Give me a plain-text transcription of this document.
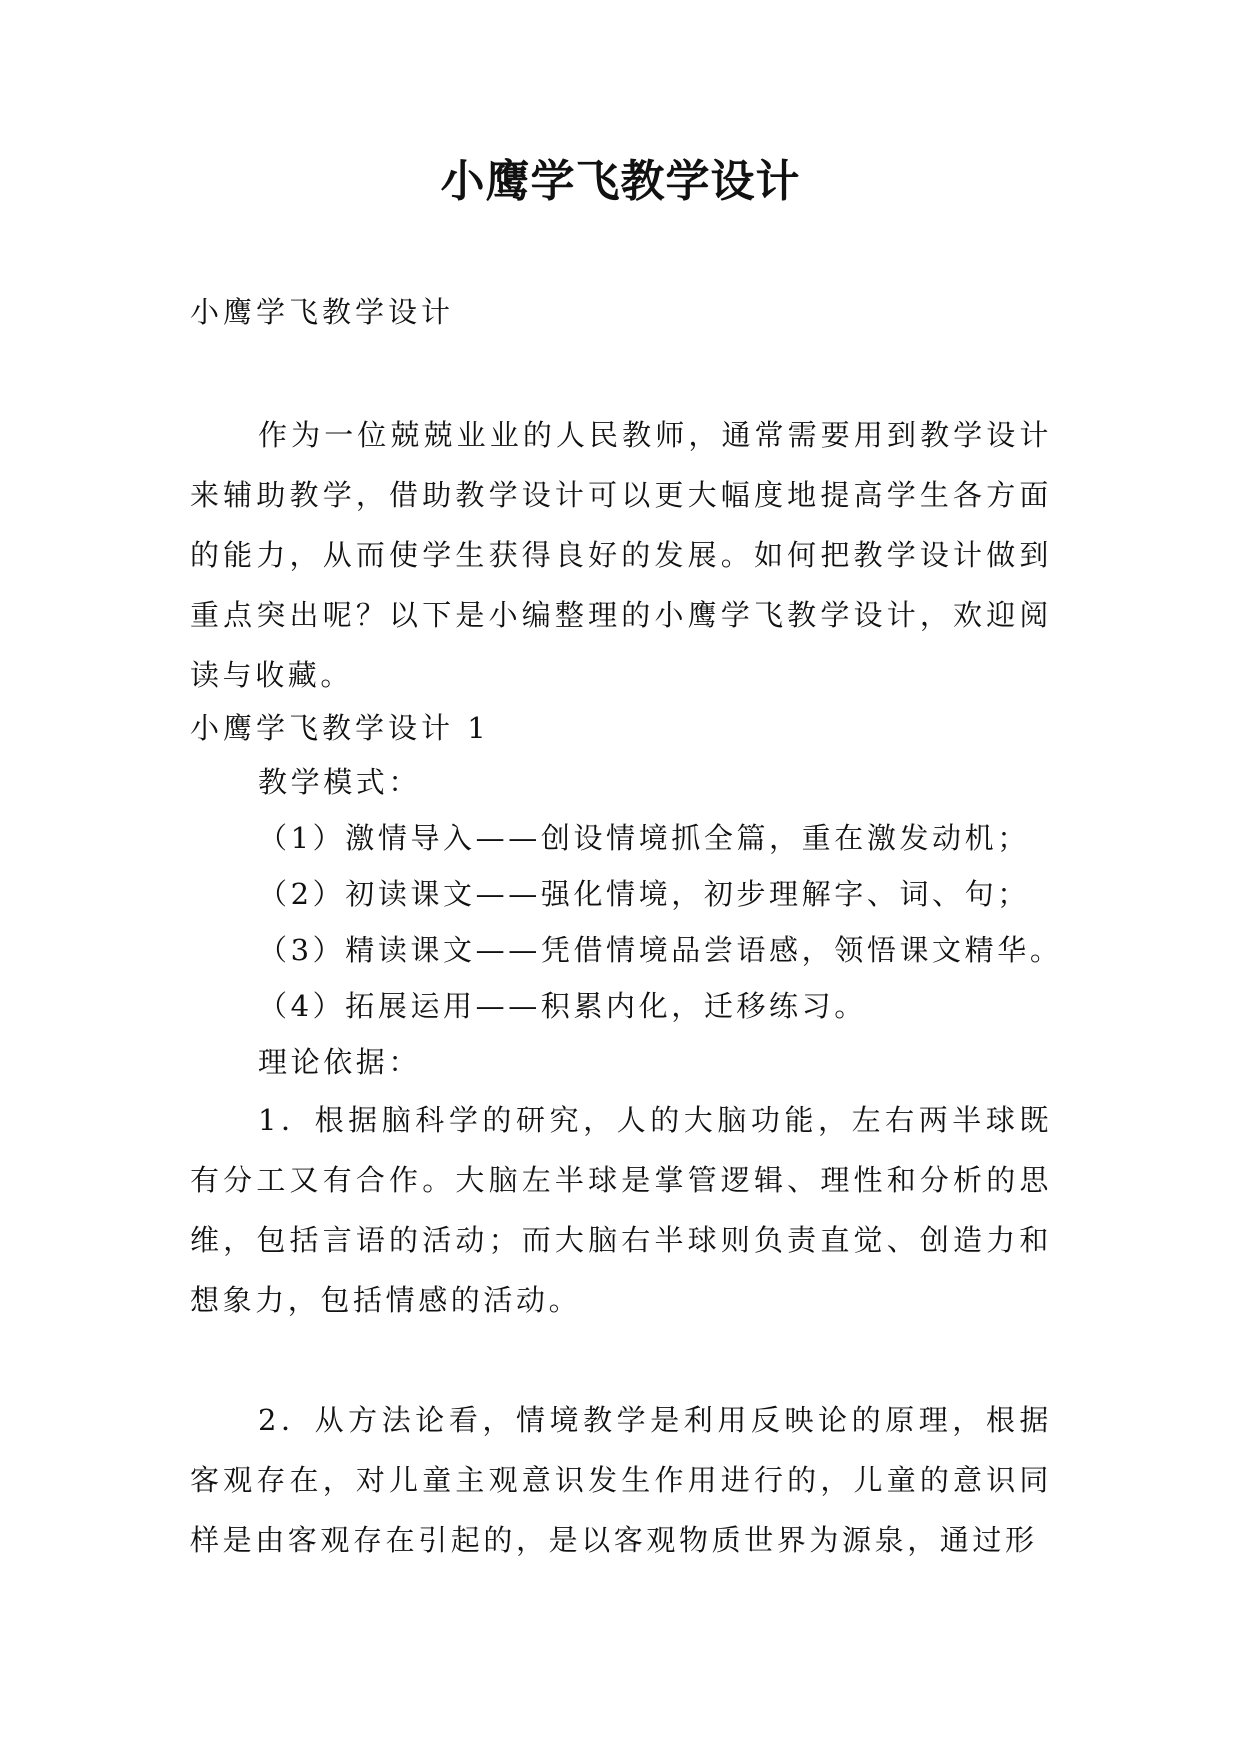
小鹰学飞教学设计
小鹰学飞教学设计

作为一位兢兢业业的人民教师，通常需要用到教学设计来辅助教学，借助教学设计可以更大幅度地提高学生各方面的能力，从而使学生获得良好的发展。如何把教学设计做到重点突出呢？以下是小编整理的小鹰学飞教学设计，欢迎阅读与收藏。

小鹰学飞教学设计 1
教学模式：
（1）激情导入——创设情境抓全篇，重在激发动机；
（2）初读课文——强化情境，初步理解字、词、句；
（3）精读课文——凭借情境品尝语感，领悟课文精华。
（4）拓展运用——积累内化，迁移练习。
理论依据：

1．根据脑科学的研究，人的大脑功能，左右两半球既有分工又有合作。大脑左半球是掌管逻辑、理性和分析的思维，包括言语的活动；而大脑右半球则负责直觉、创造力和想象力，包括情感的活动。

2．从方法论看，情境教学是利用反映论的原理，根据客观存在，对儿童主观意识发生作用进行的，儿童的意识同样是由客观存在引起的，是以客观物质世界为源泉，通过形
